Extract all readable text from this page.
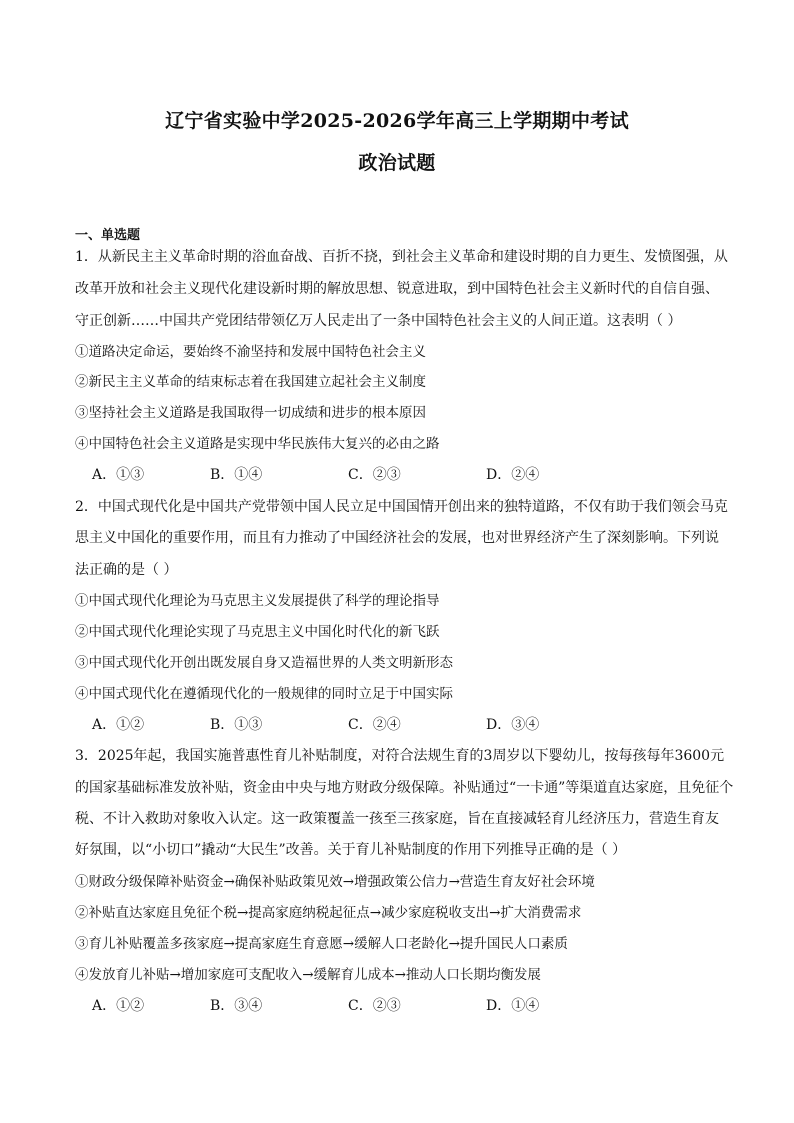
辽宁省实验中学2025-2026学年高三上学期期中考试
政治试题
一、单选题
1．从新民主主义革命时期的浴血奋战、百折不挠，到社会主义革命和建设时期的自力更生、发愤图强，从
改革开放和社会主义现代化建设新时期的解放思想、锐意进取，到中国特色社会主义新时代的自信自强、
守正创新……中国共产党团结带领亿万人民走出了一条中国特色社会主义的人间正道。这表明（ ）
①道路决定命运，要始终不渝坚持和发展中国特色社会主义
②新民主主义革命的结束标志着在我国建立起社会主义制度
③坚持社会主义道路是我国取得一切成绩和进步的根本原因
④中国特色社会主义道路是实现中华民族伟大复兴的必由之路
A．①③	B．①④	C．②③	D．②④
2．中国式现代化是中国共产党带领中国人民立足中国国情开创出来的独特道路，不仅有助于我们领会马克
思主义中国化的重要作用，而且有力推动了中国经济社会的发展，也对世界经济产生了深刻影响。下列说
法正确的是（ ）
①中国式现代化理论为马克思主义发展提供了科学的理论指导
②中国式现代化理论实现了马克思主义中国化时代化的新飞跃
③中国式现代化开创出既发展自身又造福世界的人类文明新形态
④中国式现代化在遵循现代化的一般规律的同时立足于中国实际
A．①②	B．①③	C．②④	D．③④
3．2025年起，我国实施普惠性育儿补贴制度，对符合法规生育的3周岁以下婴幼儿，按每孩每年3600元
的国家基础标准发放补贴，资金由中央与地方财政分级保障。补贴通过“一卡通”等渠道直达家庭，且免征个
税、不计入救助对象收入认定。这一政策覆盖一孩至三孩家庭，旨在直接减轻育儿经济压力，营造生育友
好氛围，以“小切口”撬动“大民生”改善。关于育儿补贴制度的作用下列推导正确的是（ ）
①财政分级保障补贴资金→确保补贴政策见效→增强政策公信力→营造生育友好社会环境
②补贴直达家庭且免征个税→提高家庭纳税起征点→减少家庭税收支出→扩大消费需求
③育儿补贴覆盖多孩家庭→提高家庭生育意愿→缓解人口老龄化→提升国民人口素质
④发放育儿补贴→增加家庭可支配收入→缓解育儿成本→推动人口长期均衡发展
A．①②	B．③④	C．②③	D．①④
